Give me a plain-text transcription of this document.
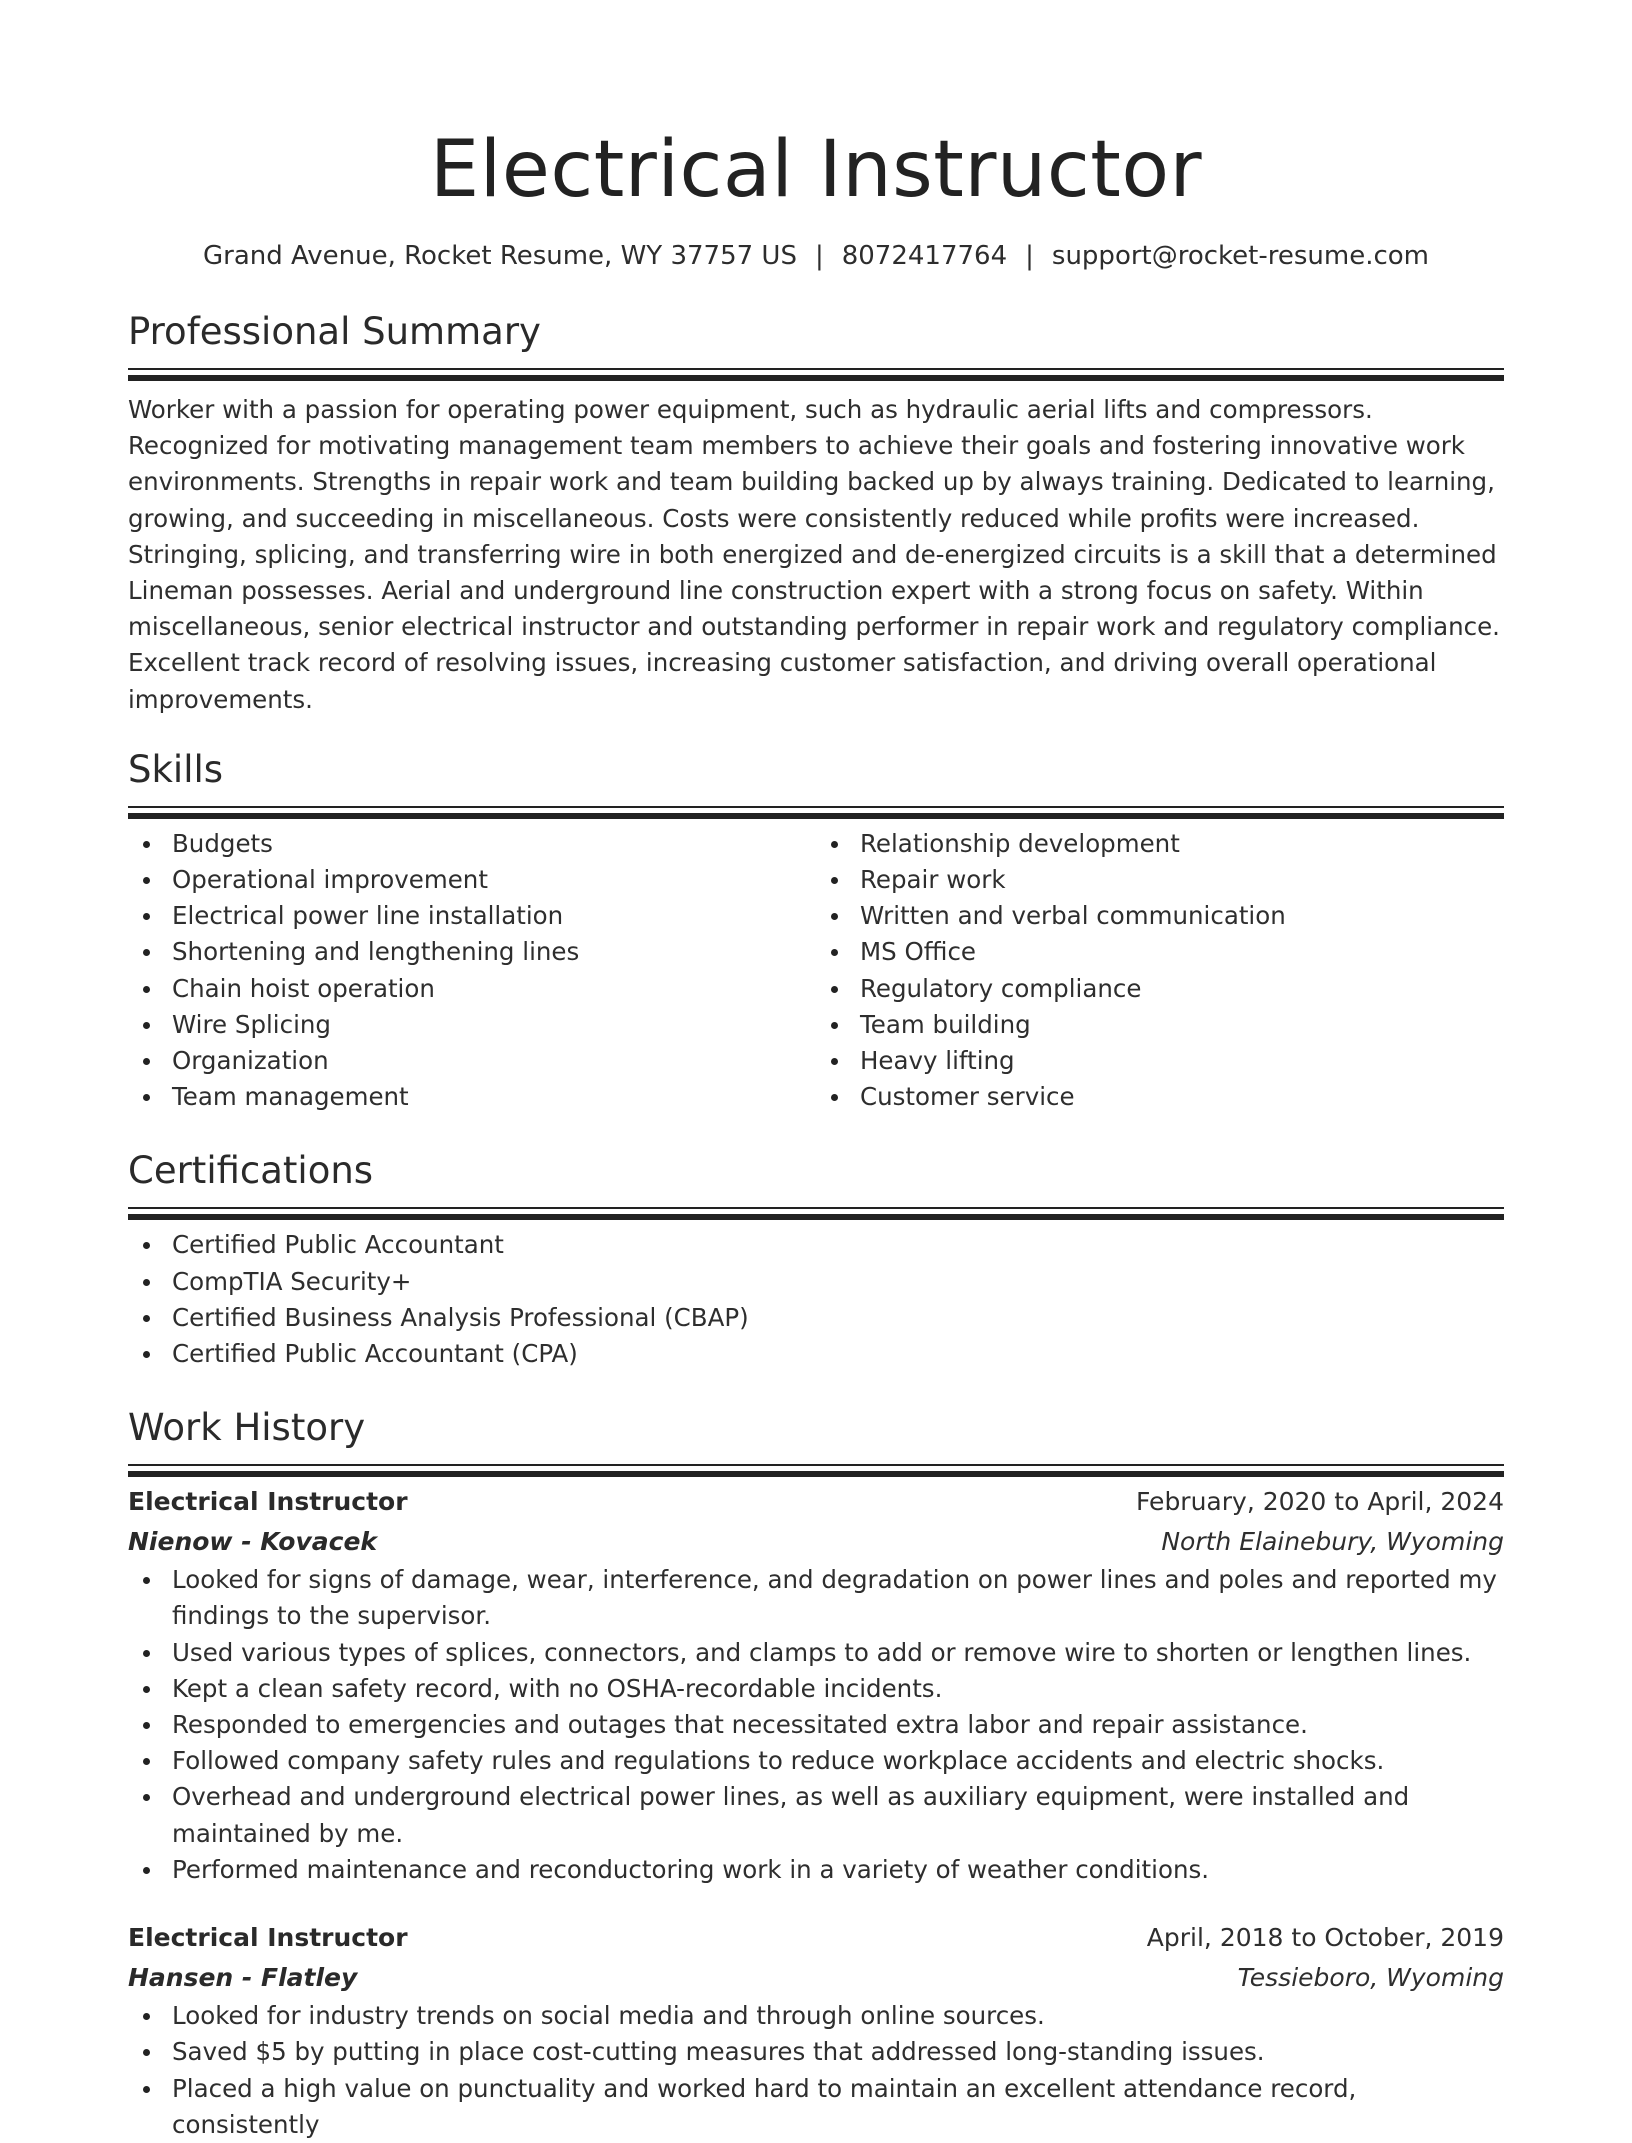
Electrical Instructor
Grand Avenue, Rocket Resume, WY 37757 US | 8072417764 | support@rocket-resume.com
Professional Summary

Worker with a passion for operating power equipment, such as hydraulic aerial lifts and compressors. Recognized for motivating management team members to achieve their goals and fostering innovative work environments. Strengths in repair work and team building backed up by always training. Dedicated to learning, growing, and succeeding in miscellaneous. Costs were consistently reduced while profits were increased. Stringing, splicing, and transferring wire in both energized and de-energized circuits is a skill that a determined Lineman possesses. Aerial and underground line construction expert with a strong focus on safety. Within miscellaneous, senior electrical instructor and outstanding performer in repair work and regulatory compliance. Excellent track record of resolving issues, increasing customer satisfaction, and driving overall operational improvements.

Skills
Budgets
Operational improvement
Electrical power line installation
Shortening and lengthening lines
Chain hoist operation
Wire Splicing
Organization
Team management
Relationship development
Repair work
Written and verbal communication
MS Office
Regulatory compliance
Team building
Heavy lifting
Customer service
Certifications
Certified Public Accountant
CompTIA Security+
Certified Business Analysis Professional (CBAP)
Certified Public Accountant (CPA)
Work History
Electrical Instructor	February, 2020 to April, 2024
Nienow - Kovacek	North Elainebury, Wyoming
Looked for signs of damage, wear, interference, and degradation on power lines and poles and reported my findings to the supervisor.
Used various types of splices, connectors, and clamps to add or remove wire to shorten or lengthen lines.
Kept a clean safety record, with no OSHA-recordable incidents.
Responded to emergencies and outages that necessitated extra labor and repair assistance.
Followed company safety rules and regulations to reduce workplace accidents and electric shocks.
Overhead and underground electrical power lines, as well as auxiliary equipment, were installed and maintained by me.
Performed maintenance and reconductoring work in a variety of weather conditions.
Electrical Instructor	April, 2018 to October, 2019
Hansen - Flatley	Tessieboro, Wyoming
Looked for industry trends on social media and through online sources.
Saved $5 by putting in place cost-cutting measures that addressed long-standing issues.
Placed a high value on punctuality and worked hard to maintain an excellent attendance record, consistently
